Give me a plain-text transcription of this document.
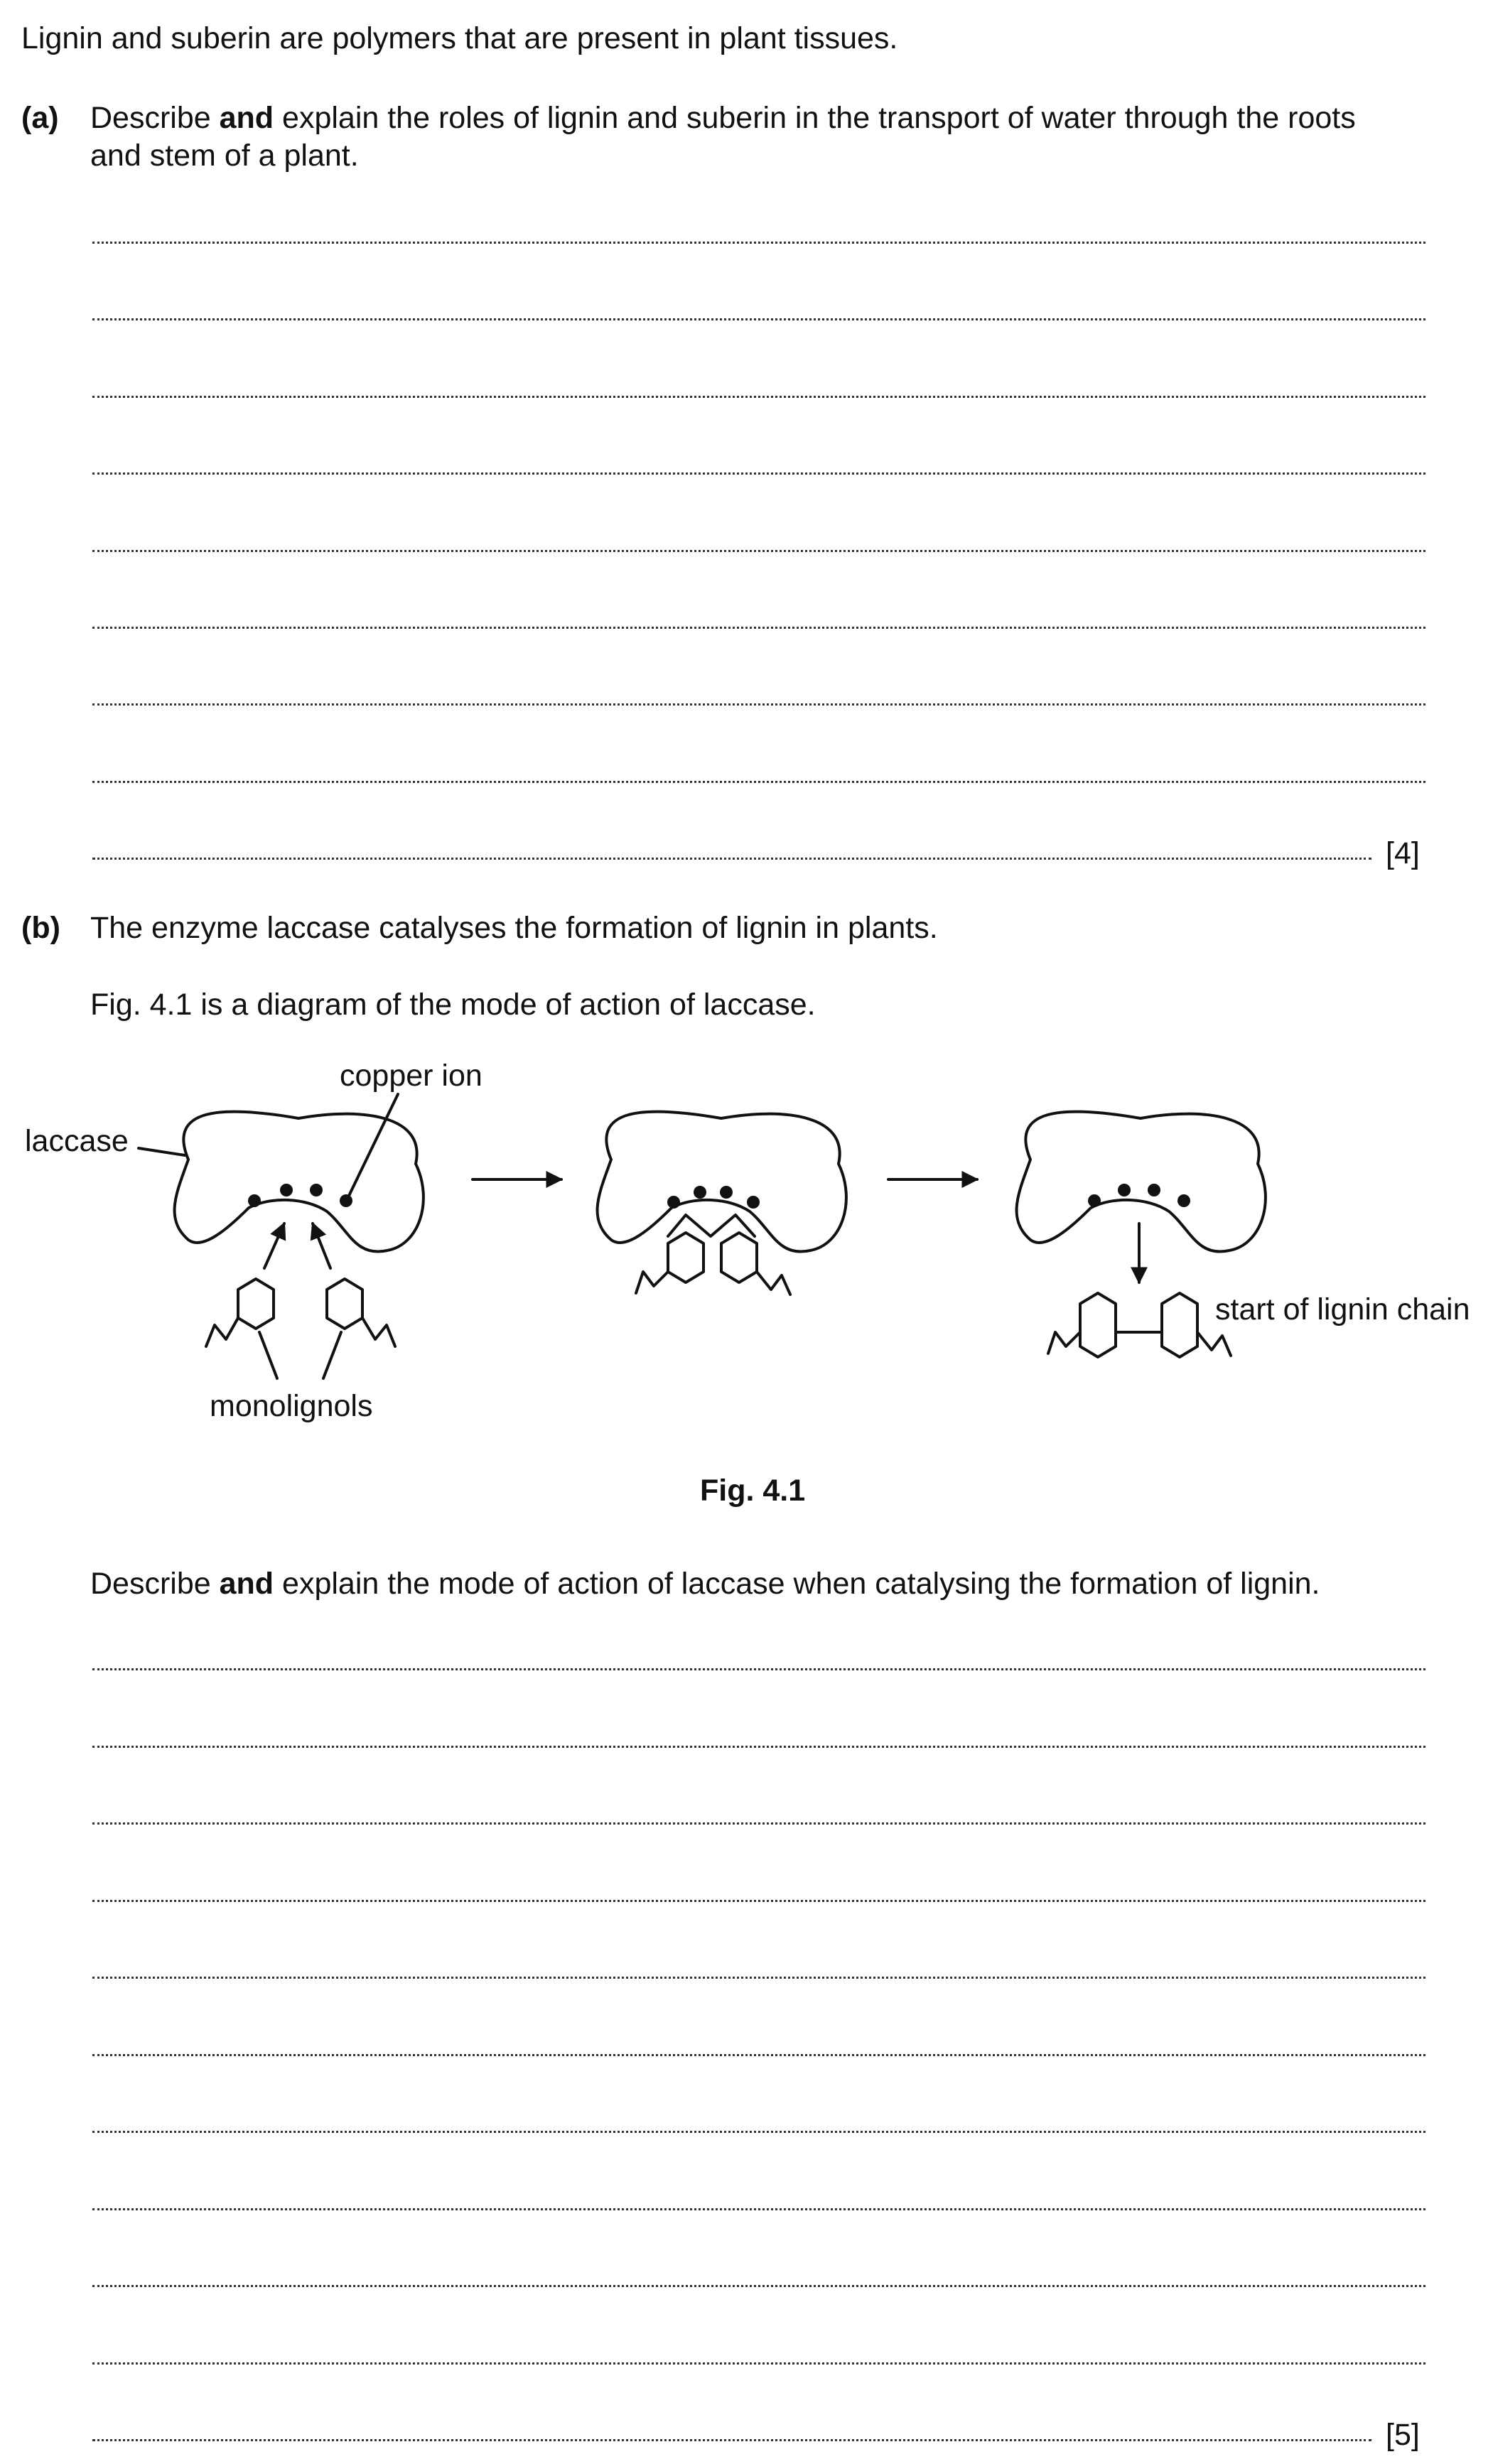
Lignin and suberin are polymers that are present in plant tissues.
(a) Describe and explain the roles of lignin and suberin in the transport of water through the roots
and stem of a plant.
[4]
(b) The enzyme laccase catalyses the formation of lignin in plants.
Fig. 4.1 is a diagram of the mode of action of laccase.
laccase
copper ion
monolignols
start of lignin chain
Fig. 4.1
Describe and explain the mode of action of laccase when catalysing the formation of lignin.
[5]
